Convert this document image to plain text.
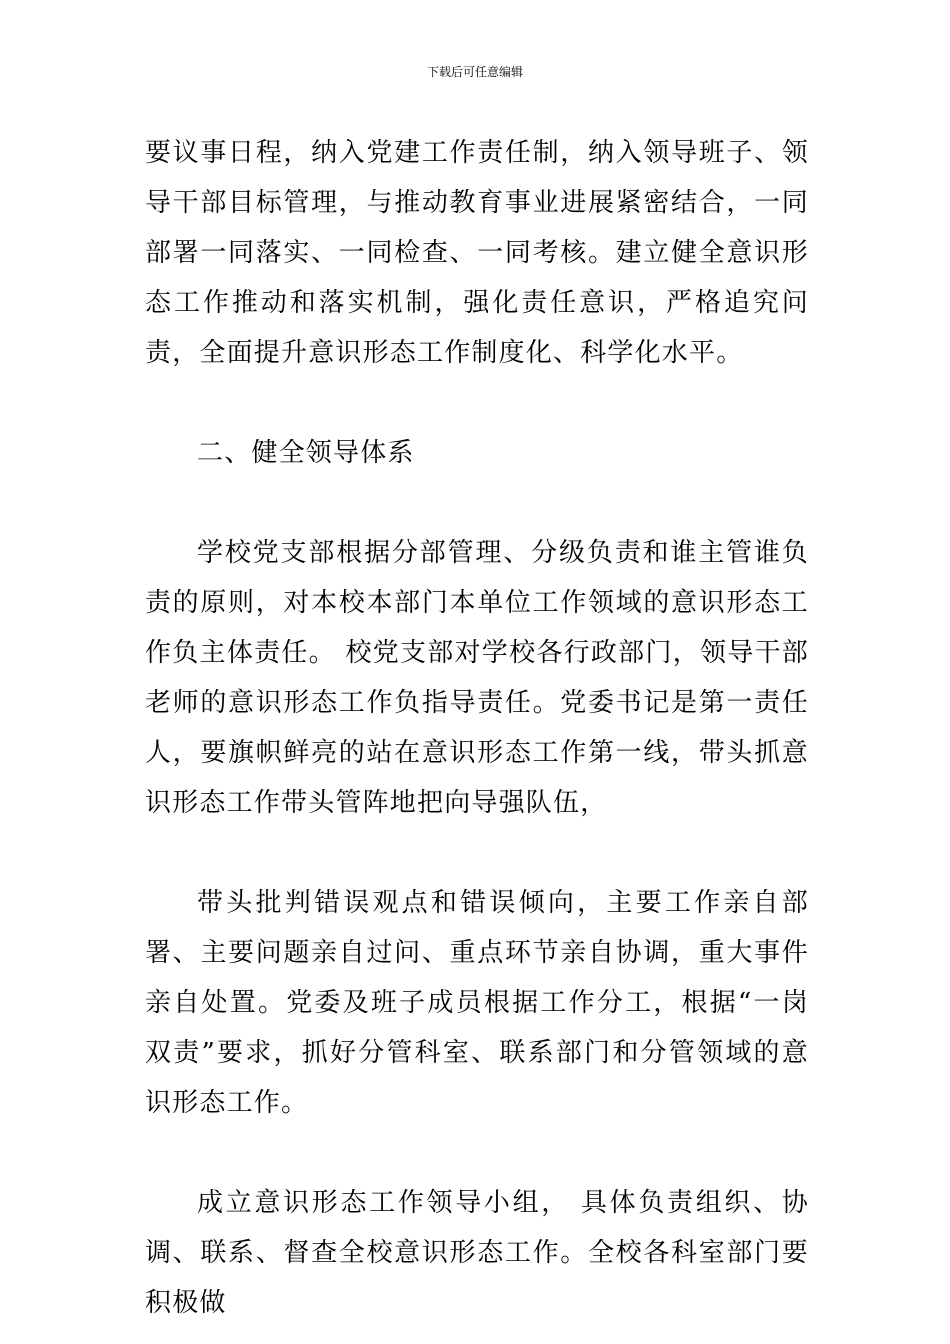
下载后可任意编辑

要议事日程，纳入党建工作责任制，纳入领导班子、领导干部目标管理，与推动教育事业进展紧密结合，一同部署一同落实、一同检查、一同考核。建立健全意识形态工作推动和落实机制，强化责任意识，严格追究问责，全面提升意识形态工作制度化、科学化水平。

二、健全领导体系

学校党支部根据分部管理、分级负责和谁主管谁负责的原则，对本校本部门本单位工作领域的意识形态工作负主体责任。 校党支部对学校各行政部门，领导干部老师的意识形态工作负指导责任。党委书记是第一责任人，要旗帜鲜亮的站在意识形态工作第一线，带头抓意识形态工作带头管阵地把向导强队伍，

带头批判错误观点和错误倾向，主要工作亲自部署、主要问题亲自过问、重点环节亲自协调，重大事件亲自处置。党委及班子成员根据工作分工，根据“一岗双责”要求，抓好分管科室、联系部门和分管领域的意识形态工作。

成立意识形态工作领导小组， 具体负责组织、协调、联系、督查全校意识形态工作。全校各科室部门要积极做
